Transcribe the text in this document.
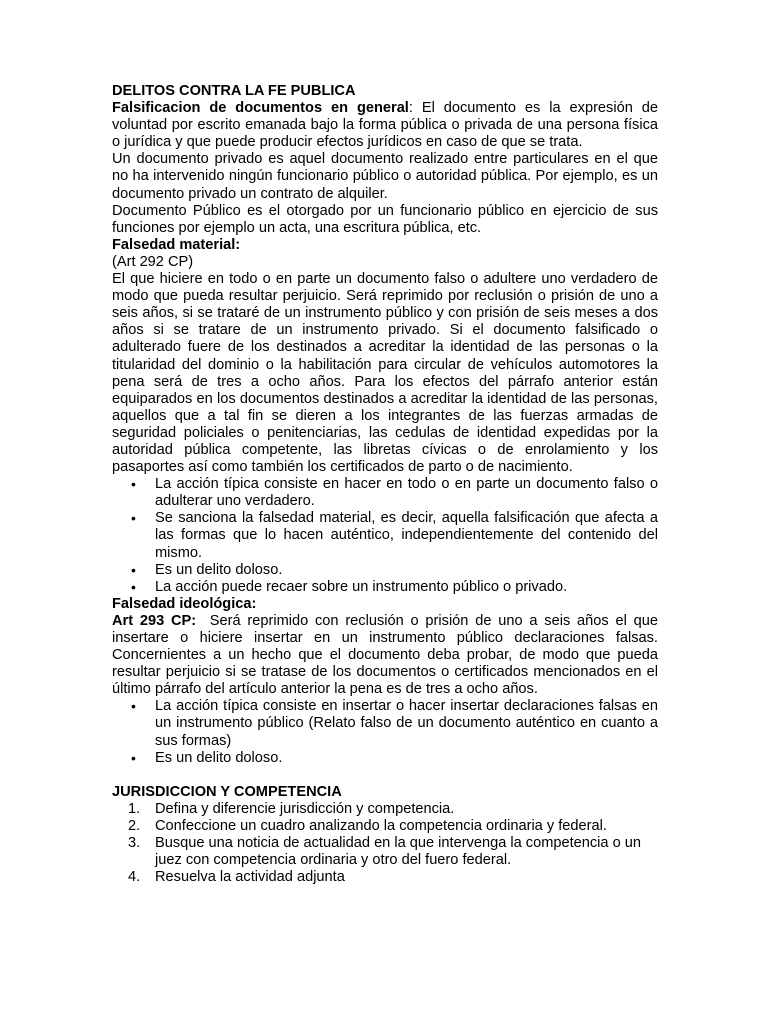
DELITOS CONTRA LA FE PUBLICA

Falsificacion de documentos en general: El documento es la expresión de voluntad por escrito emanada bajo la forma pública o privada de una persona física o jurídica y que puede producir efectos jurídicos en caso de que se trata.

Un documento privado es aquel documento realizado entre particulares en el que no ha intervenido ningún funcionario público o autoridad pública. Por ejemplo, es un documento privado un contrato de alquiler.

Documento Público es el otorgado por un funcionario público en ejercicio de sus funciones por ejemplo un acta, una escritura pública, etc.

Falsedad material:

(Art 292 CP)

El que hiciere en todo o en parte un documento falso o adultere uno verdadero de modo que pueda resultar perjuicio. Será reprimido por reclusión o prisión de uno a seis años, si se trataré de un instrumento público y con prisión de seis meses a dos años si se tratare de un instrumento privado. Si el documento falsificado o adulterado fuere de los destinados a acreditar la identidad de las personas o la titularidad del dominio o la habilitación para circular de vehículos automotores la pena será de tres a ocho años. Para los efectos del párrafo anterior están equiparados en los documentos destinados a acreditar la identidad de las personas, aquellos que a tal fin se dieren a los integrantes de las fuerzas armadas de seguridad policiales o penitenciarias, las cedulas de identidad expedidas por la autoridad pública competente, las libretas cívicas o de enrolamiento y los pasaportes así como también los certificados de parto o de nacimiento.

• La acción típica consiste en hacer en todo o en parte un documento falso o adulterar uno verdadero.
• Se sanciona la falsedad material, es decir, aquella falsificación que afecta a las formas que lo hacen auténtico, independientemente del contenido del mismo.
• Es un delito doloso.
• La acción puede recaer sobre un instrumento público o privado.

Falsedad ideológica:

Art 293 CP:  Será reprimido con reclusión o prisión de uno a seis años el que insertare o hiciere insertar en un instrumento público declaraciones falsas. Concernientes a un hecho que el documento deba probar, de modo que pueda resultar perjuicio si se tratase de los documentos o certificados mencionados en el último párrafo del artículo anterior la pena es de tres a ocho años.

• La acción típica consiste en insertar o hacer insertar declaraciones falsas en un instrumento público (Relato falso de un documento auténtico en cuanto a sus formas)
• Es un delito doloso.

JURISDICCION Y COMPETENCIA

1. Defina y diferencie jurisdicción y competencia.
2. Confeccione un cuadro analizando la competencia ordinaria y federal.
3. Busque una noticia de actualidad en la que intervenga la competencia o un juez con competencia ordinaria y otro del fuero federal.
4. Resuelva la actividad adjunta
